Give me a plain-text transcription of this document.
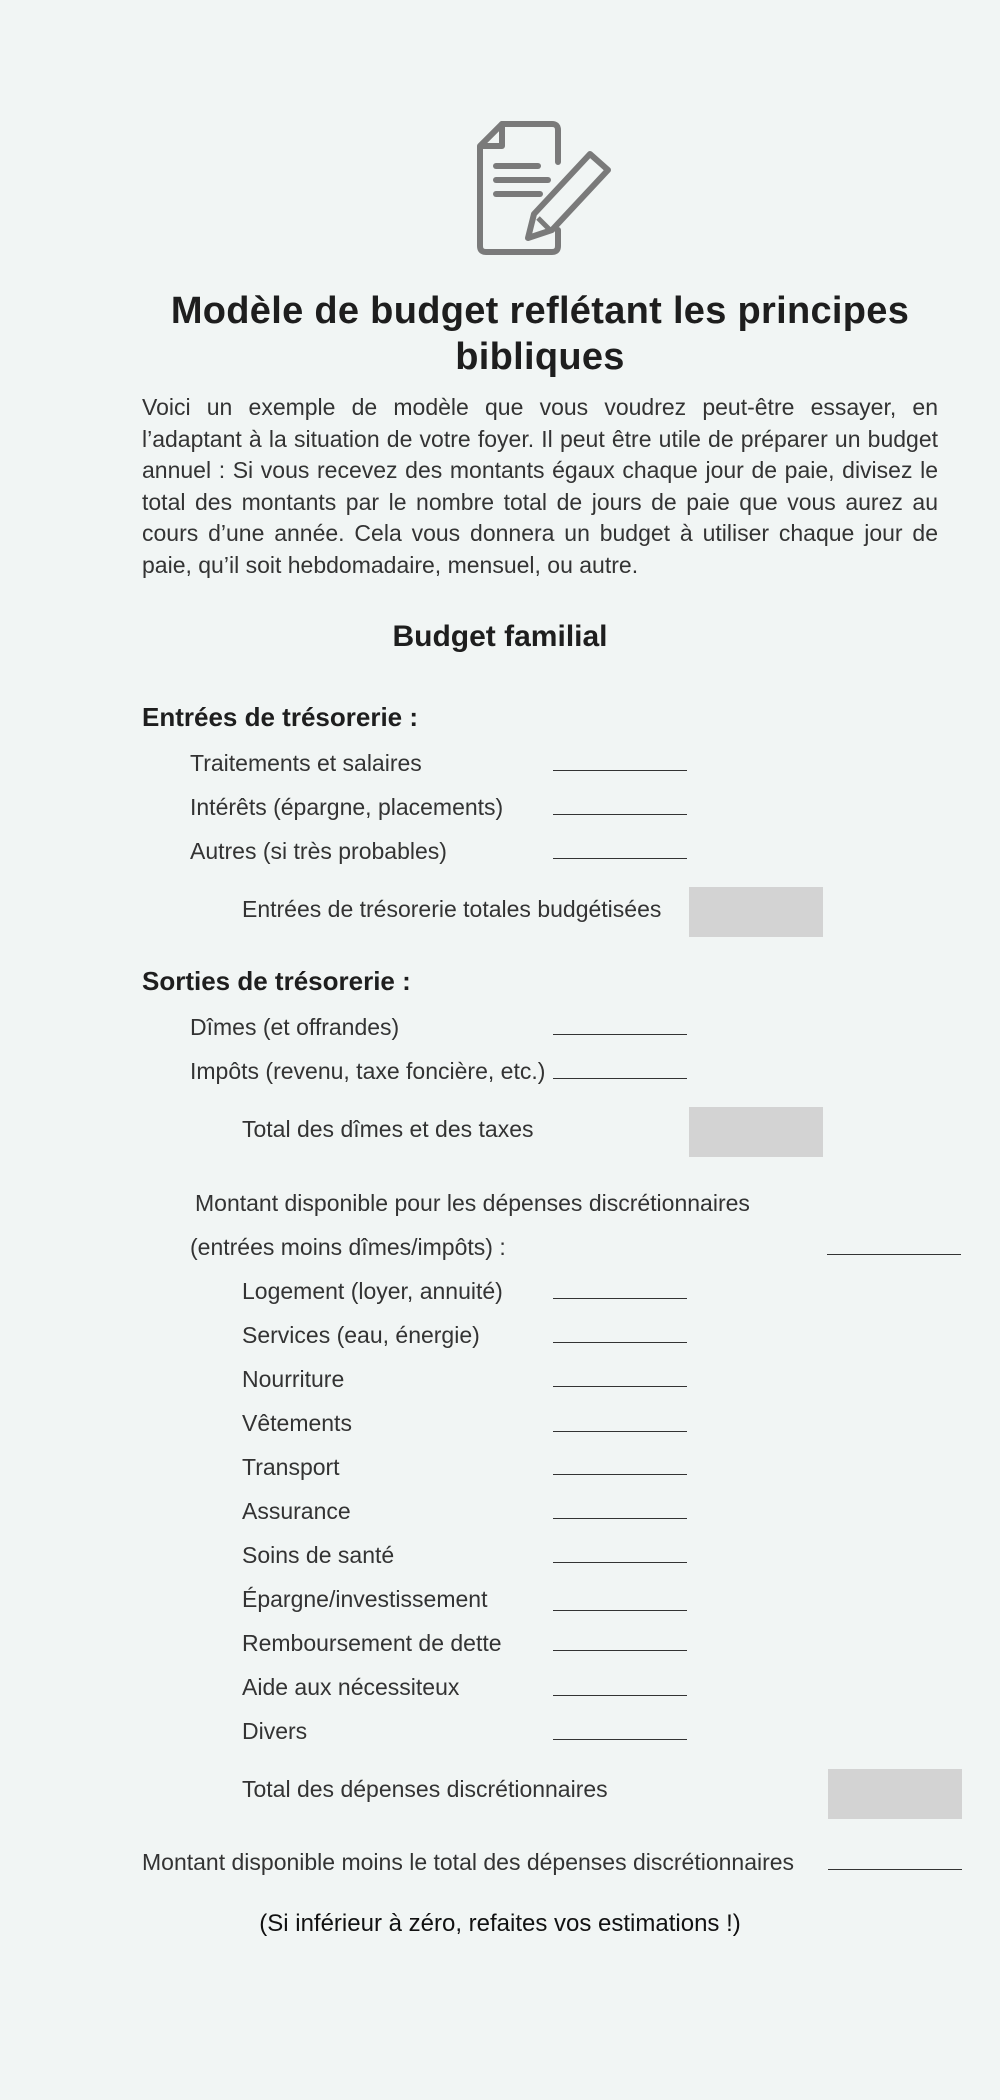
Modèle de budget reflétant les principes bibliques

Voici un exemple de modèle que vous voudrez peut-être essayer, en l’adaptant à la situation de votre foyer. Il peut être utile de préparer un budget annuel : Si vous recevez des montants égaux chaque jour de paie, divisez le total des montants par le nombre total de jours de paie que vous aurez au cours d’une année. Cela vous donnera un budget à utiliser chaque jour de paie, qu’il soit hebdomadaire, mensuel, ou autre.

Budget familial

Entrées de trésorerie :

Traitements et salaires
Intérêts (épargne, placements)
Autres (si très probables)
Entrées de trésorerie totales budgétisées

Sorties de trésorerie :

Dîmes (et offrandes)
Impôts (revenu, taxe foncière, etc.)
Total des dîmes et des taxes
Montant disponible pour les dépenses discrétionnaires
(entrées moins dîmes/impôts) :
Logement (loyer, annuité)
Services (eau, énergie)
Nourriture
Vêtements
Transport
Assurance
Soins de santé
Épargne/investissement
Remboursement de dette
Aide aux nécessiteux
Divers
Total des dépenses discrétionnaires
Montant disponible moins le total des dépenses discrétionnaires

(Si inférieur à zéro, refaites vos estimations !)
